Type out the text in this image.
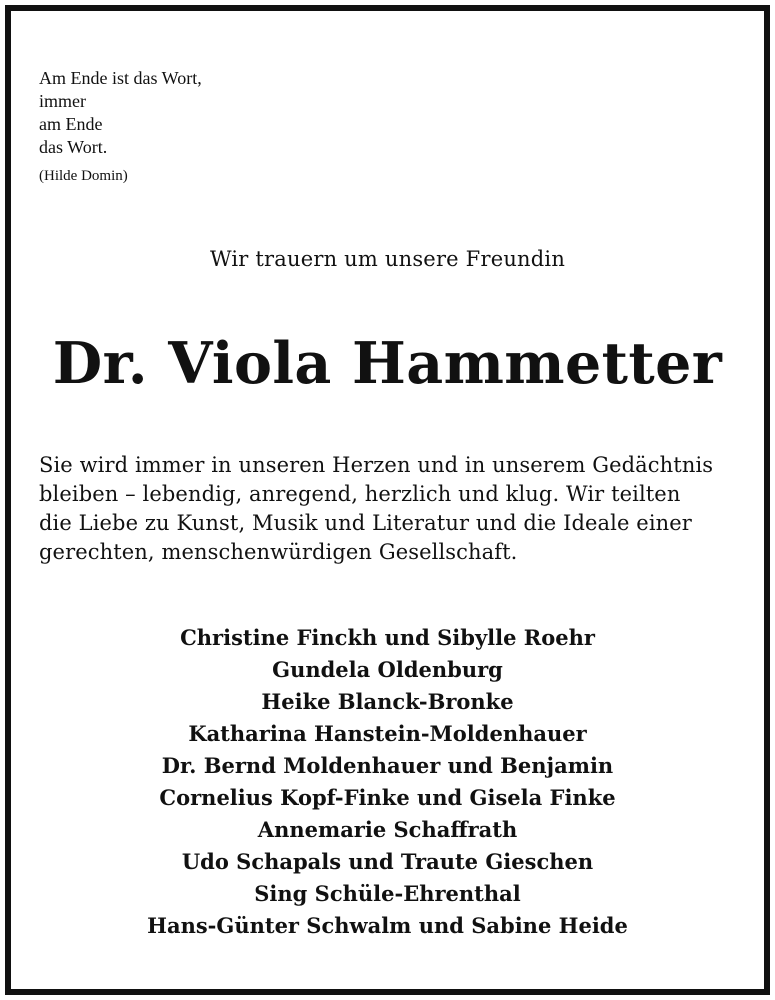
Am Ende ist das Wort,
immer
am Ende
das Wort.
(Hilde Domin)
Wir trauern um unsere Freundin
Dr. Viola Hammetter
Sie wird immer in unseren Herzen und in unserem Gedächtnis
bleiben – lebendig, anregend, herzlich und klug. Wir teilten
die Liebe zu Kunst, Musik und Literatur und die Ideale einer
gerechten, menschenwürdigen Gesellschaft.
Christine Finckh und Sibylle Roehr
Gundela Oldenburg
Heike Blanck-Bronke
Katharina Hanstein-Moldenhauer
Dr. Bernd Moldenhauer und Benjamin
Cornelius Kopf-Finke und Gisela Finke
Annemarie Schaffrath
Udo Schapals und Traute Gieschen
Sing Schüle-Ehrenthal
Hans-Günter Schwalm und Sabine Heide
